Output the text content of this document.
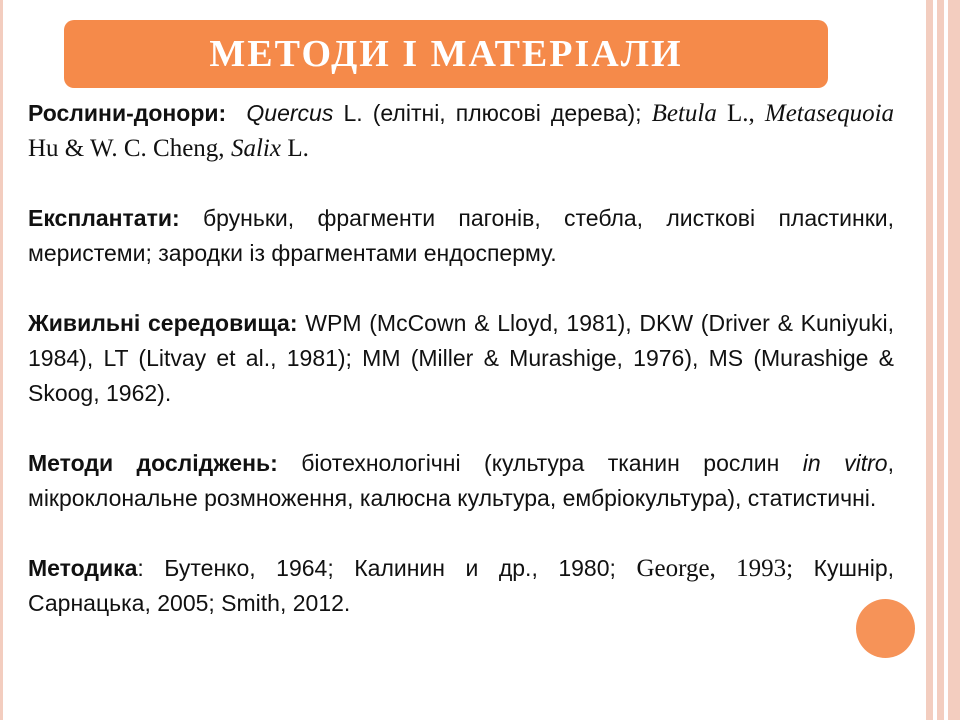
МЕТОДИ І МАТЕРІАЛИ

Рослини-донори: Quercus L. (елітні, плюсові дерева); Betula L., Metasequoia Hu & W. C. Cheng, Salix L.

Експлантати: бруньки, фрагменти пагонів, стебла, листкові пластинки, меристеми; зародки із фрагментами ендосперму.

Живильні середовища: WPM (McCown & Lloyd, 1981), DKW (Driver & Kuniyuki, 1984), LT (Litvay et al., 1981); MM (Miller & Murashige, 1976), MS (Murashige & Skoog, 1962).

Методи досліджень: біотехнологічні (культура тканин рослин in vitro, мікроклональне розмноження, калюсна культура, ембріокультура), статистичні.

Методика: Бутенко, 1964; Калинин и др., 1980; George, 1993; Кушнір, Сарнацька, 2005; Smith, 2012.
